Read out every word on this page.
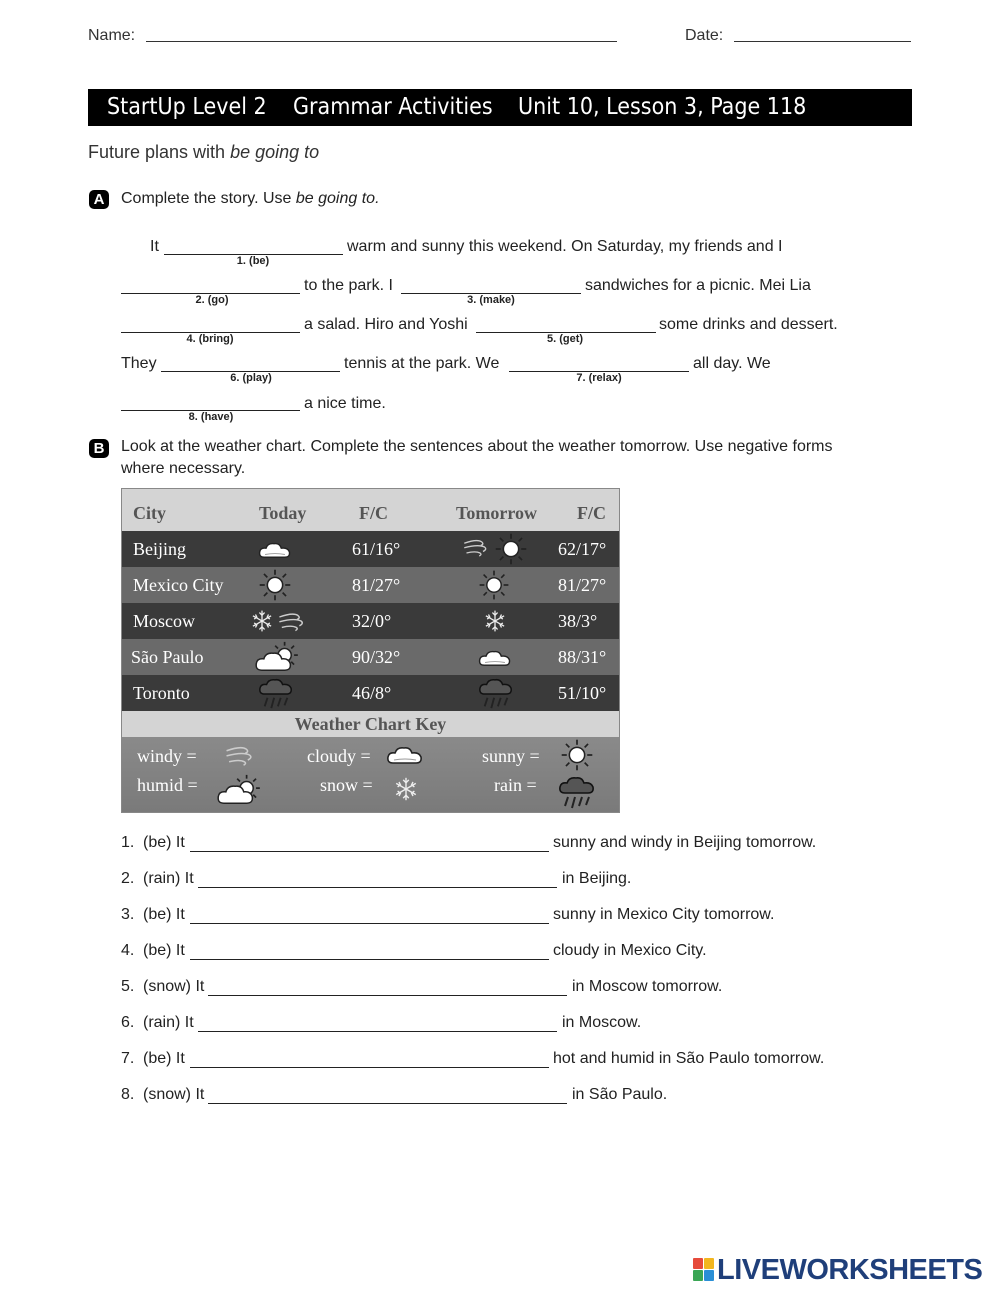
Name:	Date:
StartUp Level 2 Grammar Activities Unit 10, Lesson 3, Page 118
Future plans with be going to
A Complete the story. Use be going to.
It
1. (be)
warm and sunny this weekend. On Saturday, my friends and I
2. (go)
to the park. I
3. (make)
sandwiches for a picnic. Mei Lia
4. (bring)
a salad. Hiro and Yoshi
5. (get)
some drinks and dessert.
They
6. (play)
tennis at the park. We
7. (relax)
all day. We
8. (have)
a nice time.
B Look at the weather chart. Complete the sentences about the weather tomorrow. Use negative forms
where necessary.
City	Today	F/C	Tomorrow F/C
Beijing	61/16°	62/17°
Mexico City	81/27°	81/27°
Moscow	32/0°	38/3°
São Paulo	90/32°	88/31°
Toronto	46/8°	51/10°
Weather Chart Key
windy =	cloudy =	sunny =
humid =	snow =	rain =
1. (be) It	sunny and windy in Beijing tomorrow.
2. (rain) It	in Beijing.
3. (be) It	sunny in Mexico City tomorrow.
4. (be) It	cloudy in Mexico City.
5. (snow) It	in Moscow tomorrow.
6. (rain) It	in Moscow.
7. (be) It	hot and humid in São Paulo tomorrow.
8. (snow) It	in São Paulo.
LIVEWORKSHEETS
